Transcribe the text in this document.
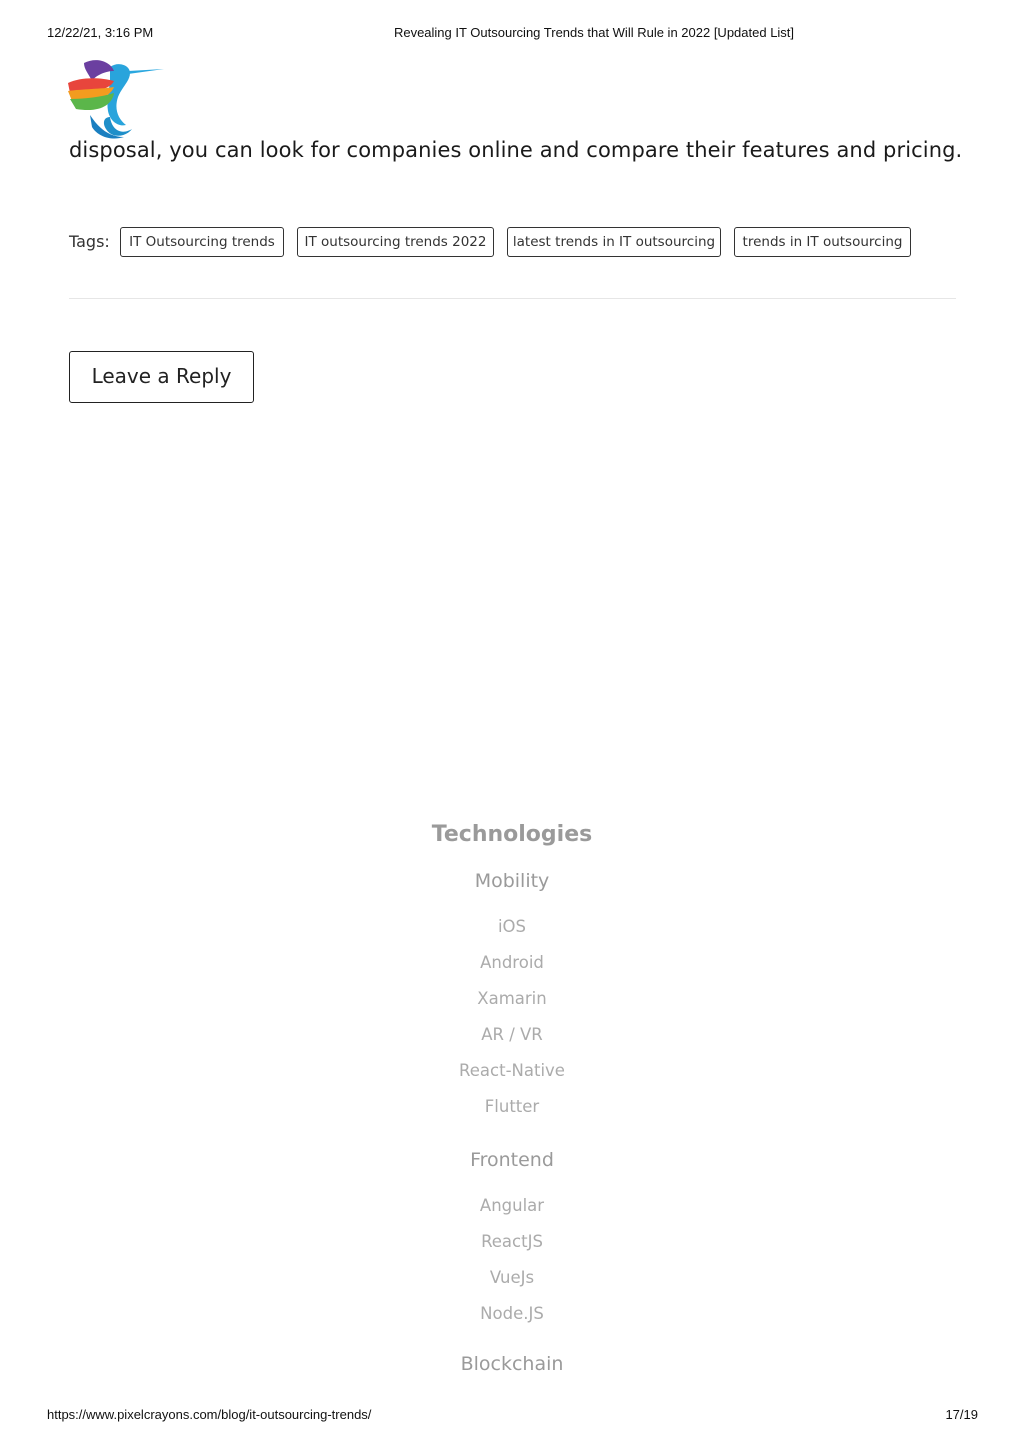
12/22/21, 3:16 PM	Revealing IT Outsourcing Trends that Will Rule in 2022 [Updated List]
disposal, you can look for companies online and compare their features and pricing.
Tags:	IT Outsourcing trends	IT outsourcing trends 2022	latest trends in IT outsourcing	trends in IT outsourcing
Leave a Reply
Technologies
Mobility
iOS
Android
Xamarin
AR / VR
React-Native
Flutter
Frontend
Angular
ReactJS
VueJs
Node.JS
Blockchain
https://www.pixelcrayons.com/blog/it-outsourcing-trends/	17/19
